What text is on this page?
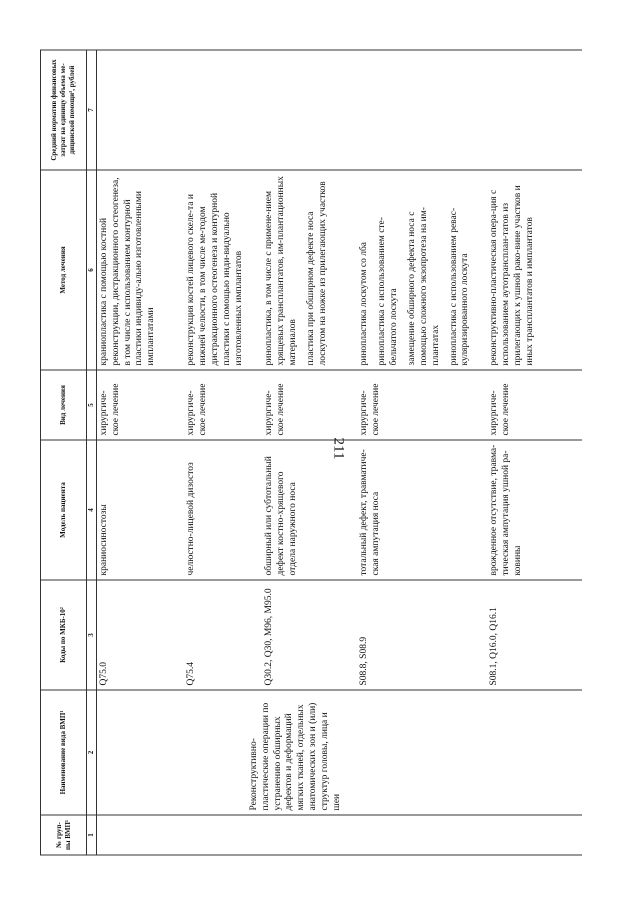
211
№ груп- пы ВМП¹	Наименование вида ВМП¹	Коды по МКБ-10²	Модель пациента	Вид лечения	Метод лечения	Средний норматив финансовых затрат на единицу объема ме- дицинской помощи³, рублей
1	2	3	4	5	6	7

Реконструктивно-пластические операции по устранению обширных дефектов и деформаций мягких тканей, отдельных анатомических зон и (или) структур головы, лица и шеи	Q75.0	краниосиностозы	хирургиче-ское лечение	краниопластика с помощью костной реконструкции, дистракционного остеогенеза, в том числе с использованием контурной пластики индивиду-ально изготовленными имплантатами	

		Q75.4	челюстно-лицевой дизостоз	хирургиче-ское лечение	реконструкция костей лицевого скеле-та и нижней челюсти, в том числе ме-тодом дистракционного остеогенеза и контурной пластики с помощью инди-видуально изготовленных имплантатов	

		Q30.2, Q30, M96, M95.0	обширный или субтотальный дефект костно-хрящевого отдела наружного носа	хирургиче-ское лечение	ринопластика, в том числе с примене-нием хрящевых трансплантатов, им-плантационных материалов пластика при обширном дефекте носа лоскутом на ножке из прилегающих участков	

		S08.8, S08.9	тотальный дефект, травматиче-ская ампутация носа	хирургиче-ское лечение	ринопластика лоскутом со лба ринопластика с использованием сте-бельчатого лоскута замещение обширного дефекта носа с помощью сложного экзопротеза на им-плантатах ринопластика с использованием реваc-куляризированного лоскута	

		S08.1, Q16.0, Q16.1	врожденное отсутствие, травма-тическая ампутация ушной ра-ковины	хирургиче-ское лечение	реконструктивно-пластическая опера-ция с использованием аутотрансплан-татов из прилегающих к ушной рако-вине участков и иных трансплантатов и имплантатов	
